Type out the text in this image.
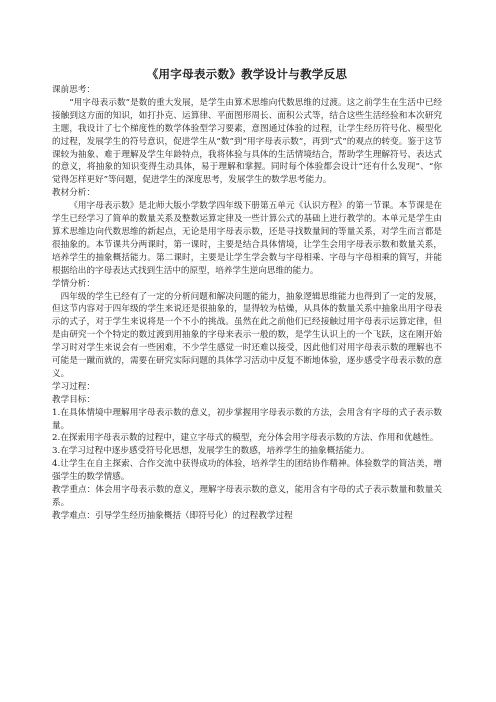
《用字母表示数》教学设计与教学反思

课前思考：

“用字母表示数”是数的重大发展，是学生由算术思维向代数思维的过渡。这之前学生在生活中已经接触到这方面的知识，如打扑克、运算律、平面图形周长、面积公式等，结合这些生活经验和本次研究主题，我设计了七个梯度性的数学体验型学习要素，意图通过体验的过程，让学生经历符号化、模型化的过程，发展学生的符号意识，促进学生从“数”到“用字母表示数”，再到“式”的观点的转变。鉴于这节课较为抽象、难于理解及学生年龄特点，我将体验与具体的生活情境结合，帮助学生理解符号、表达式的意义，将抽象的知识变得生动具体，易于理解和掌握。同时每个体验都会设计“还有什么发现”、“你觉得怎样更好”等问题，促进学生的深度思考，发展学生的数学思考能力。

教材分析：

《用字母表示数》是北师大版小学数学四年级下册第五单元《认识方程》的第一节课。本节课是在学生已经学习了简单的数量关系及整数运算定律及一些计算公式的基础上进行教学的。本单元是学生由算术思维边向代数思维的新起点，无论是用字母表示数，还是寻找数量间的等量关系，对学生而言都是很抽象的。本节课共分两课时，第一课时，主要是结合具体情境，让学生会用字母表示数和数量关系，培养学生的抽象概括能力。第二课时，主要是让学生学会数与字母相乘、字母与字母相乘的简写，并能根据给出的字母表达式找到生活中的原型，培养学生逆向思维的能力。

学情分析：

四年级的学生已经有了一定的分析问题和解决问题的能力，抽象逻辑思维能力也得到了一定的发展，但这节内容对于四年级的学生来说还是很抽象的，显得较为枯燥，从具体的数量关系中抽象出用字母表示的式子，对于学生来说将是一个不小的挑战。虽然在此之前他们已经接触过用字母表示运算定律，但是由研究一个个特定的数过渡到用抽象的字母来表示一般的数，是学生认识上的一个飞跃，这在刚开始学习时对学生来说会有一些困难，不少学生感觉一时还难以接受，因此他们对用字母表示数的理解也不可能是一蹴而就的，需要在研究实际问题的具体学习活动中反复不断地体验，逐步感受字母表示数的意义。

学习过程：

教学目标：

1.在具体情境中理解用字母表示数的意义，初步掌握用字母表示数的方法，会用含有字母的式子表示数量。

2.在探索用字母表示数的过程中，建立字母式的模型，充分体会用字母表示数的方法、作用和优越性。

3.在学习过程中逐步感受符号化思想，发展学生的数感，培养学生的抽象概括能力。

4.让学生在自主探索、合作交流中获得成功的体验，培养学生的团结协作精神。体验数学的简洁美，增强学生的数学情感。

教学重点：体会用字母表示数的意义，理解字母表示数的意义，能用含有字母的式子表示数量和数量关系。

教学难点：引导学生经历抽象概括（即符号化）的过程教学过程
